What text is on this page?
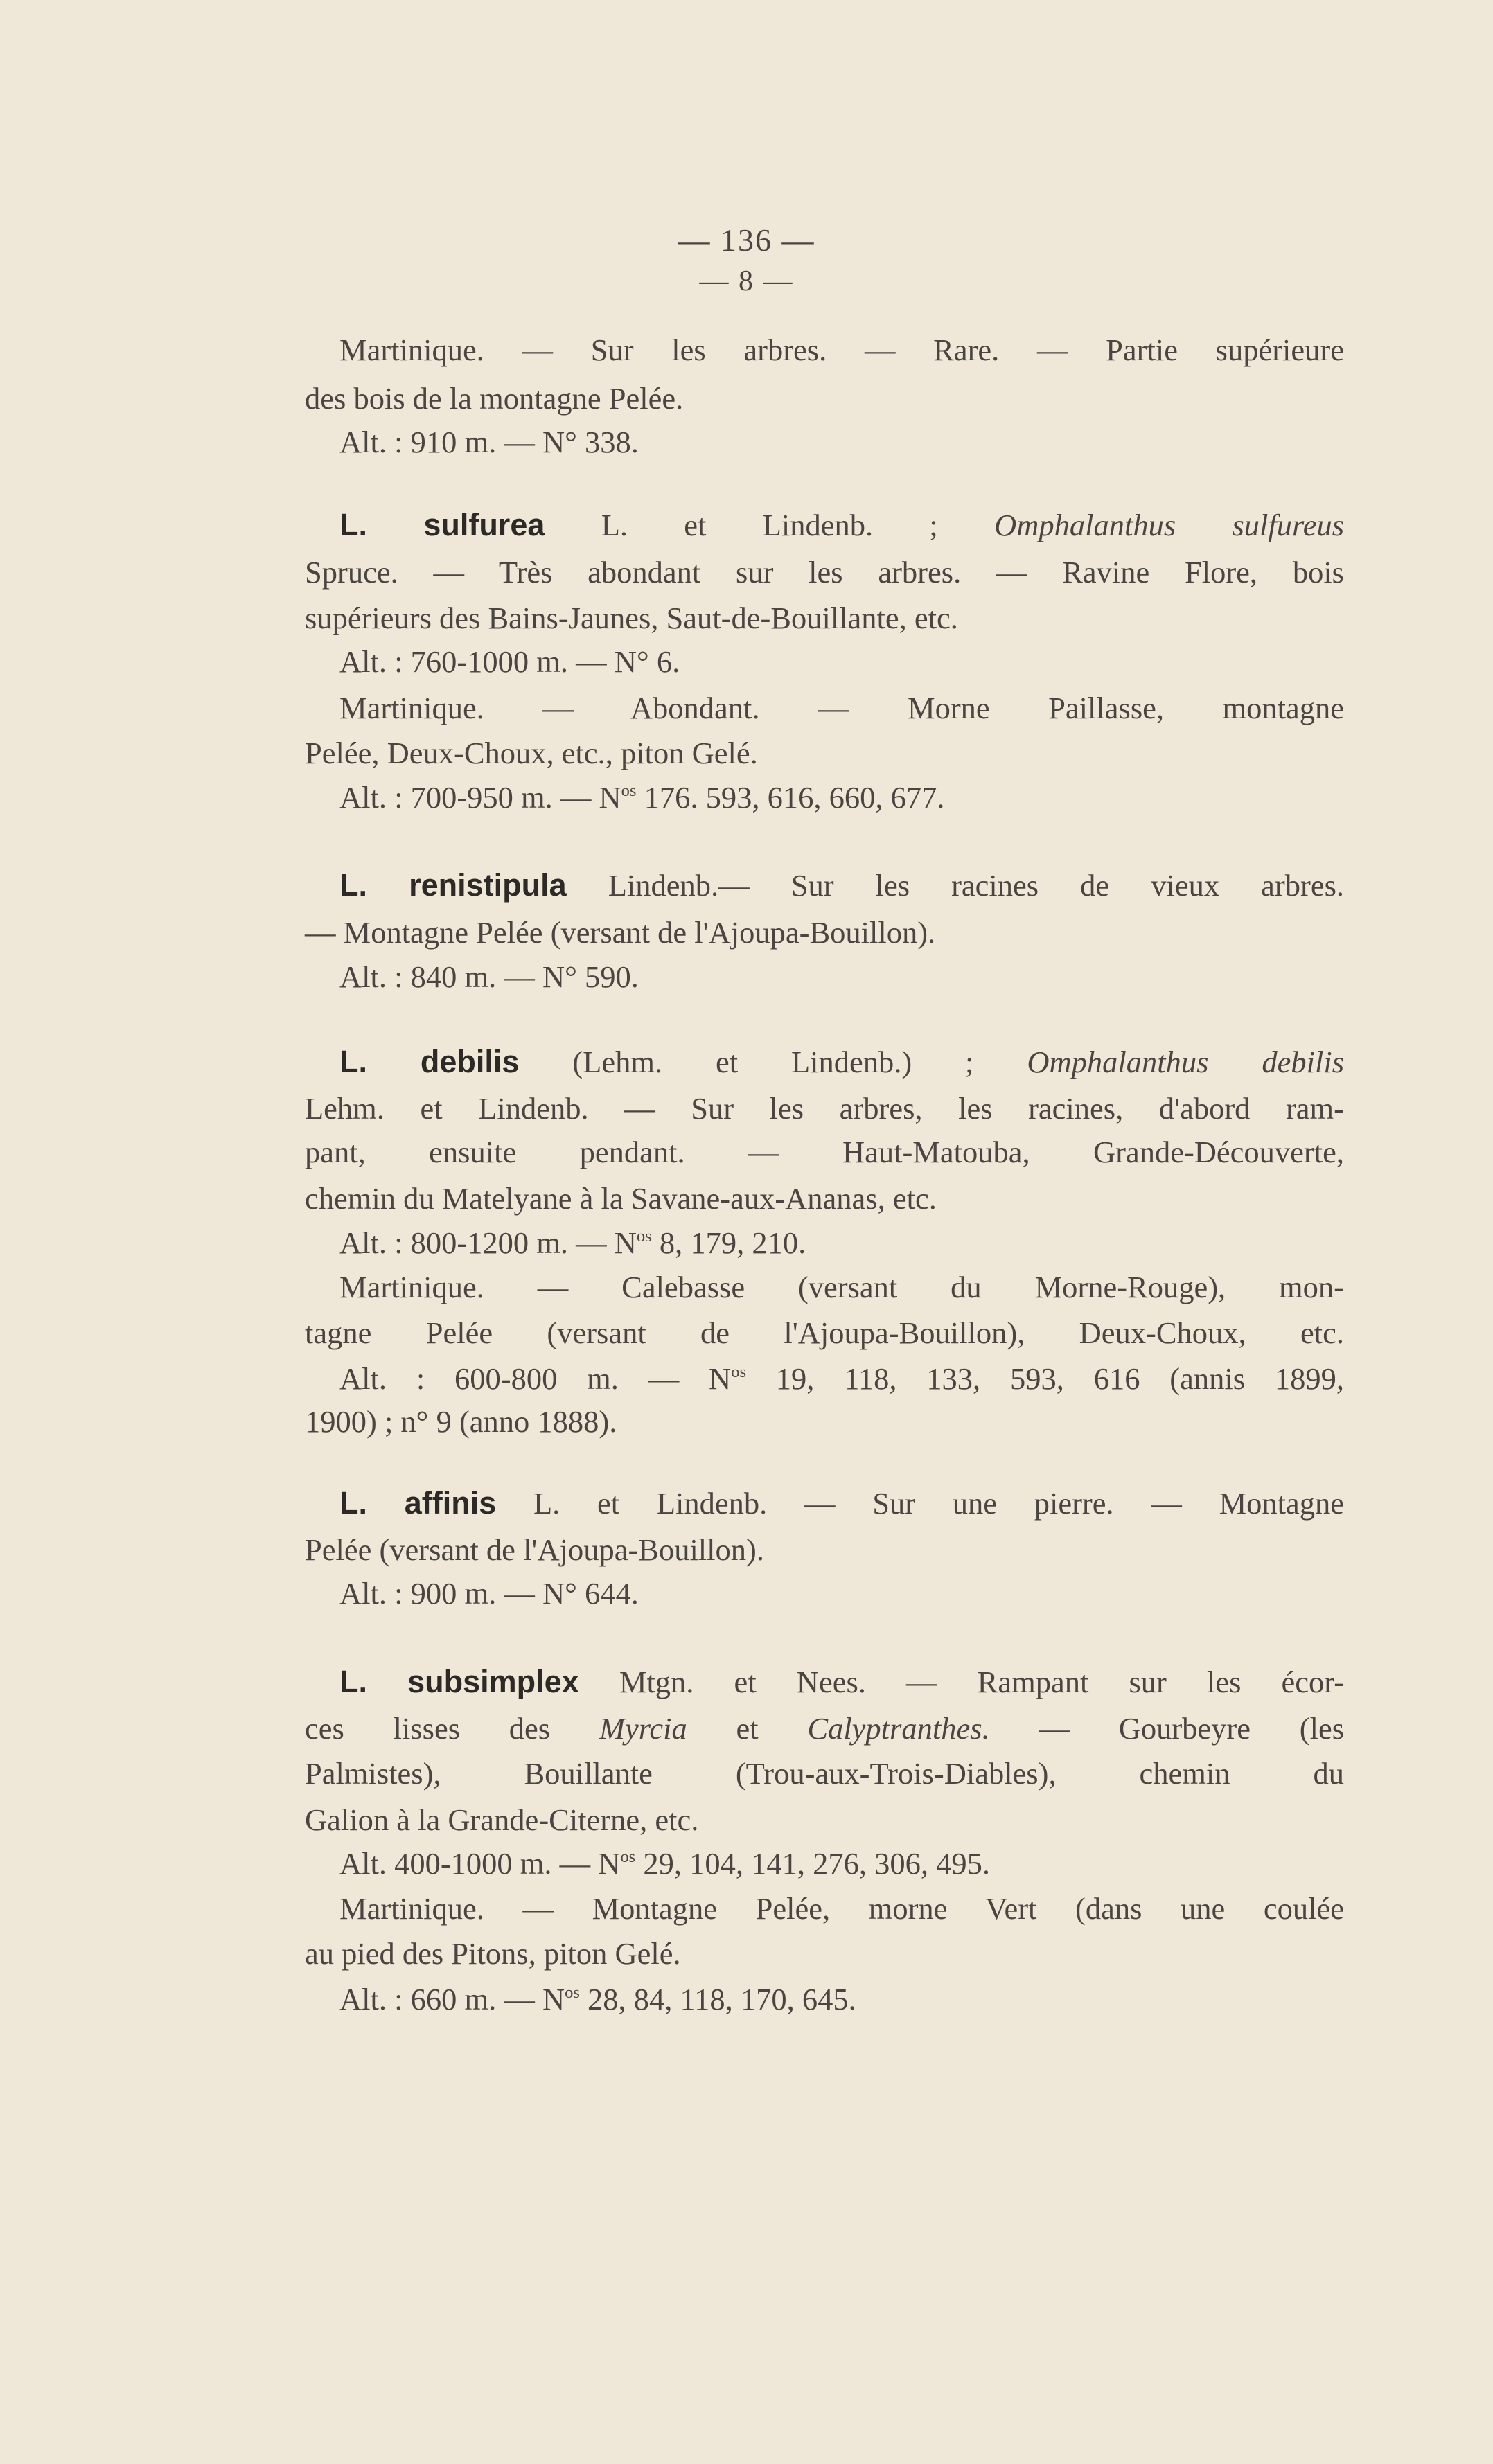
— 136 —
— 8 —
Martinique. — Sur les arbres. — Rare. — Partie supérieure
des bois de la montagne Pelée.
Alt. : 910 m. — N° 338.
L. sulfurea L. et Lindenb. ; Omphalanthus sulfureus
Spruce. — Très abondant sur les arbres. — Ravine Flore, bois
supérieurs des Bains-Jaunes, Saut-de-Bouillante, etc.
Alt. : 760-1000 m. — N° 6.
Martinique. — Abondant. — Morne Paillasse, montagne
Pelée, Deux-Choux, etc., piton Gelé.
Alt. : 700-950 m. — $N^{os}$ 176. 593, 616, 660, 677.
L. renistipula Lindenb.— Sur les racines de vieux arbres.
— Montagne Pelée (versant de l'Ajoupa-Bouillon).
Alt. : 840 m. — N° 590.
L. debilis (Lehm. et Lindenb.) ; Omphalanthus debilis
Lehm. et Lindenb. — Sur les arbres, les racines, d'abord ram-
pant, ensuite pendant. — Haut-Matouba, Grande-Découverte,
chemin du Matelyane à la Savane-aux-Ananas, etc.
Alt. : 800-1200 m. — $N^{os}$ 8, 179, 210.
Martinique. — Calebasse (versant du Morne-Rouge), mon-
tagne Pelée (versant de l'Ajoupa-Bouillon), Deux-Choux, etc.
Alt. : 600-800 m. — $N^{os}$ 19, 118, 133, 593, 616 (annis 1899,
1900) ; n° 9 (anno 1888).
L. affinis L. et Lindenb. — Sur une pierre. — Montagne
Pelée (versant de l'Ajoupa-Bouillon).
Alt. : 900 m. — N° 644.
L. subsimplex Mtgn. et Nees. — Rampant sur les écor-
ces lisses des Myrcia et Calyptranthes. — Gourbeyre (les
Palmistes), Bouillante (Trou-aux-Trois-Diables), chemin du
Galion à la Grande-Citerne, etc.
Alt. 400-1000 m. — $N^{os}$ 29, 104, 141, 276, 306, 495.
Martinique. — Montagne Pelée, morne Vert (dans une coulée
au pied des Pitons, piton Gelé.
Alt. : 660 m. — $N^{os}$ 28, 84, 118, 170, 645.
